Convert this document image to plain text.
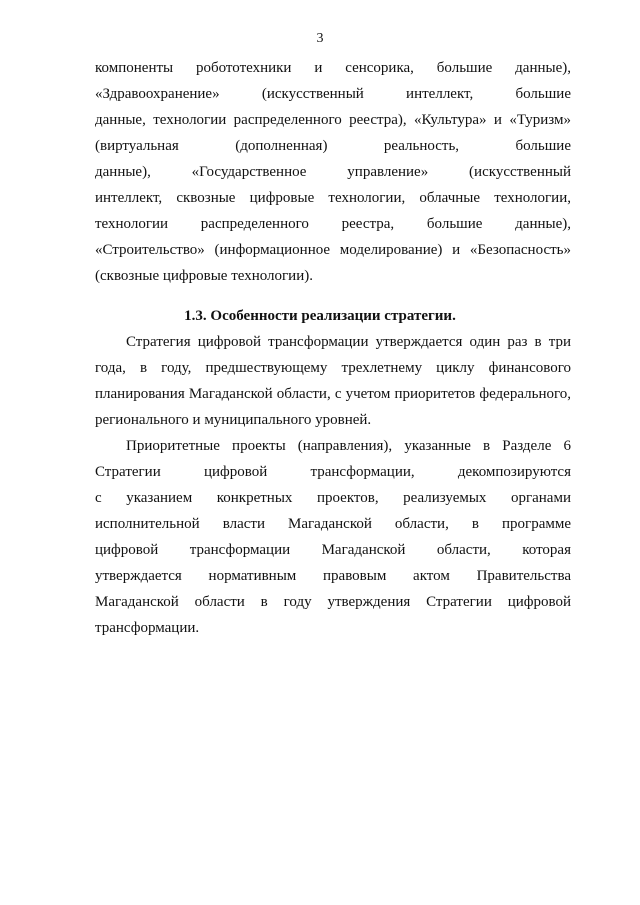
3
компоненты робототехники и сенсорика, большие данные),
«Здравоохранение» (искусственный интеллект, большие
данные, технологии распределенного реестра), «Культура» и «Туризм»
(виртуальная (дополненная) реальность, большие
данные), «Государственное управление» (искусственный
интеллект, сквозные цифровые технологии, облачные технологии,
технологии распределенного реестра, большие данные),
«Строительство» (информационное моделирование) и «Безопасность»
(сквозные цифровые технологии).
1.3. Особенности реализации стратегии.
Стратегия цифровой трансформации утверждается один раз в три
года, в году, предшествующему трехлетнему циклу финансового
планирования Магаданской области, с учетом приоритетов федерального,
регионального и муниципального уровней.
Приоритетные проекты (направления), указанные в Разделе 6
Стратегии цифровой трансформации, декомпозируются
с указанием конкретных проектов, реализуемых органами
исполнительной власти Магаданской области, в программе
цифровой трансформации Магаданской области, которая
утверждается нормативным правовым актом Правительства
Магаданской области в году утверждения Стратегии цифровой
трансформации.
